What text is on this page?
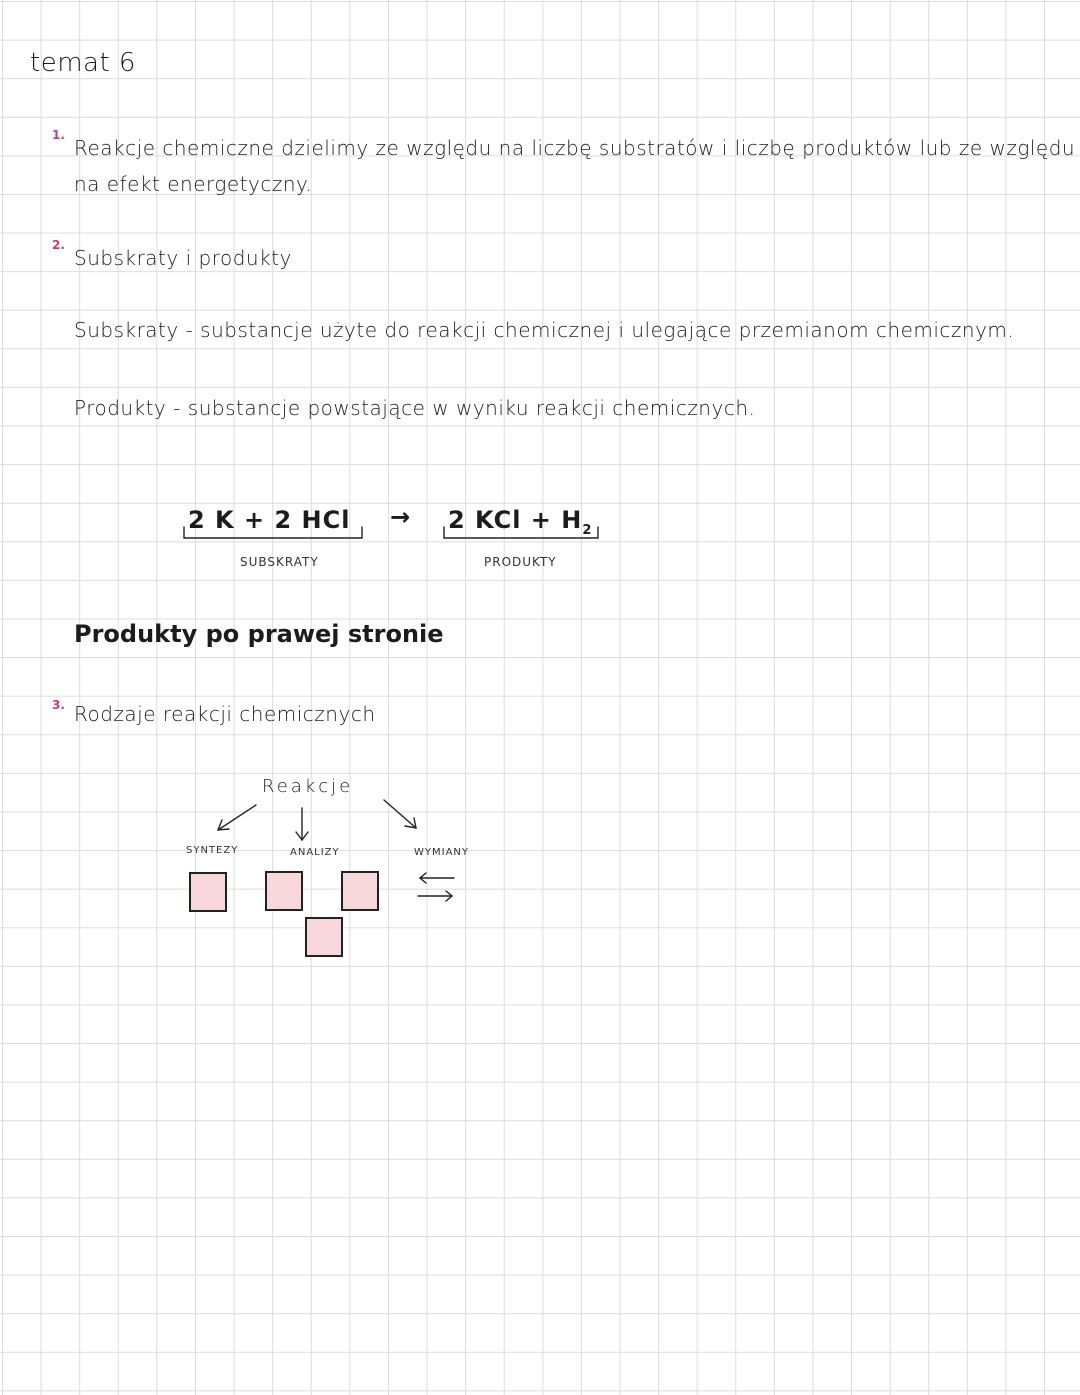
temat 6
1.
Reakcje chemiczne dzielimy ze względu na liczbę substratów i liczbę produktów lub ze względu
na efekt energetyczny.
2.
Subskraty i produkty
Subskraty - substancje użyte do reakcji chemicznej i ulegające przemianom chemicznym.
Produkty - substancje powstające w wyniku reakcji chemicznych.
2 K + 2 HCl → 2 KCl + $H_2$
SUBSKRATY	PRODUKTY
Produkty po prawej stronie
3. Rodzaje reakcji chemicznych
Reakcje
SYNTEZY	ANALIZY	WYMIANY
